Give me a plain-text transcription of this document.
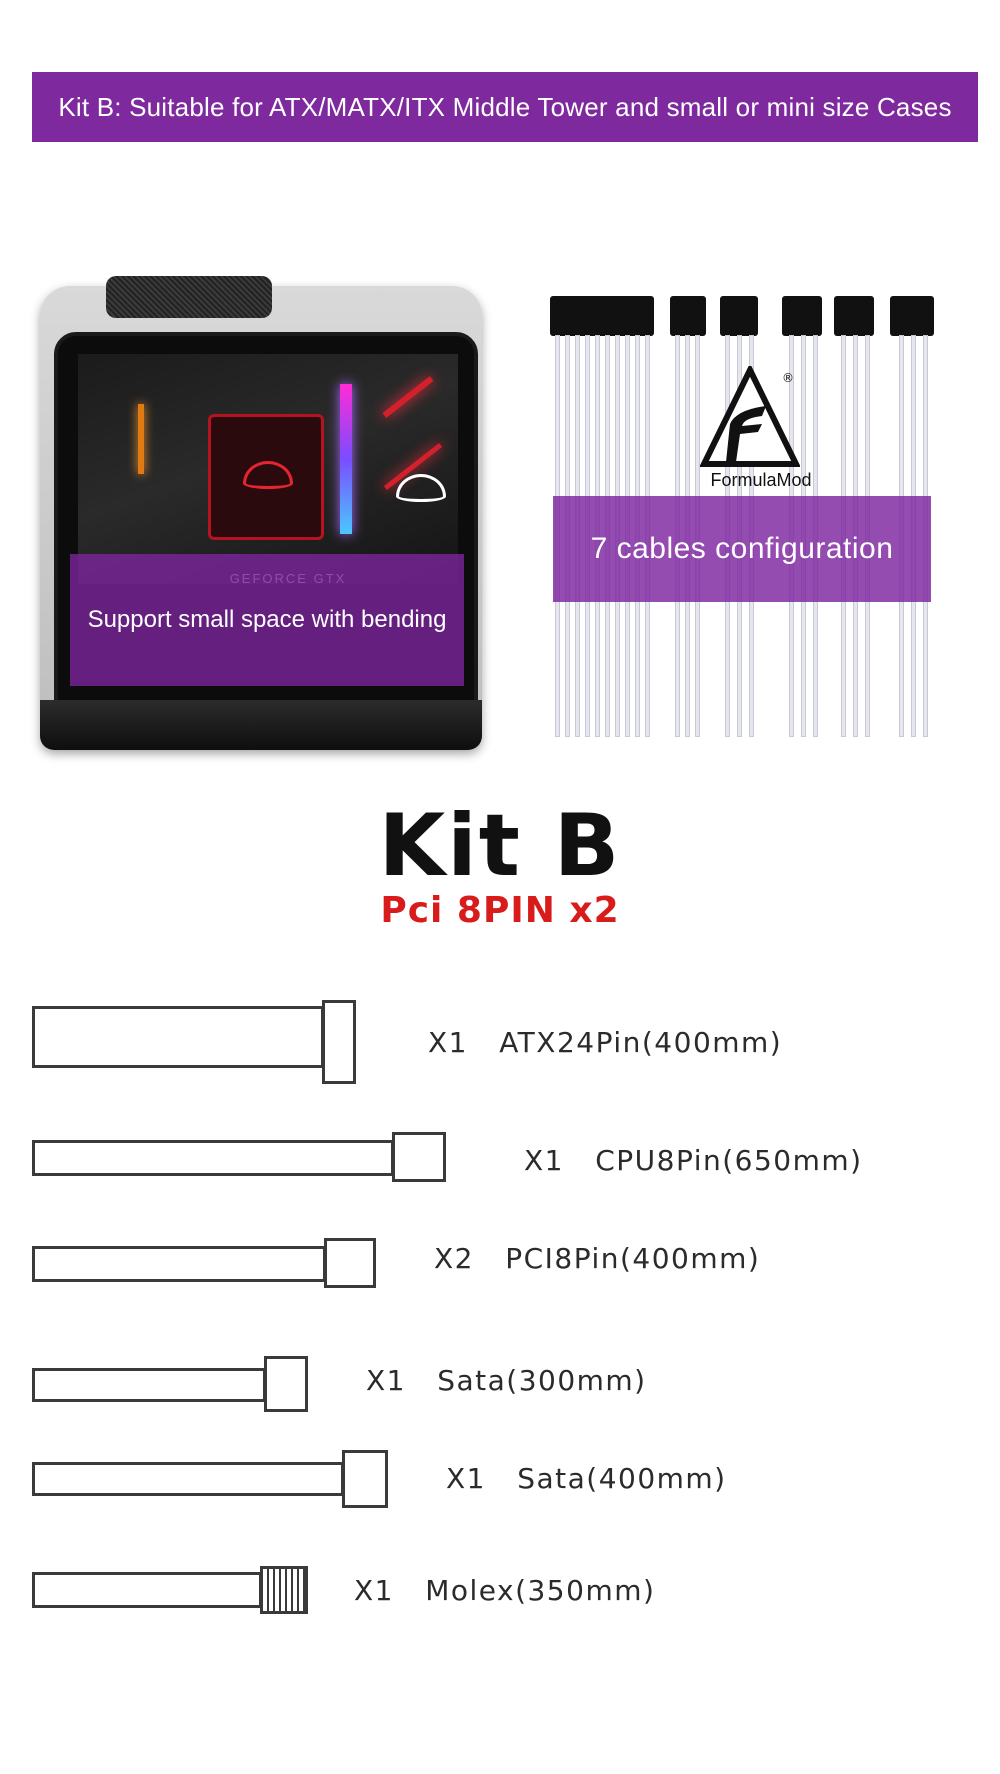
Kit B: Suitable for ATX/MATX/ITX Middle Tower and small or mini size Cases
Support small space with bending
®
FormulaMod
7 cables configuration
Kit B
Pci 8PIN x2
X1   ATX24Pin(400mm)
X1   CPU8Pin(650mm)
X2   PCI8Pin(400mm)
X1   Sata(300mm)
X1   Sata(400mm)
X1   Molex(350mm)
